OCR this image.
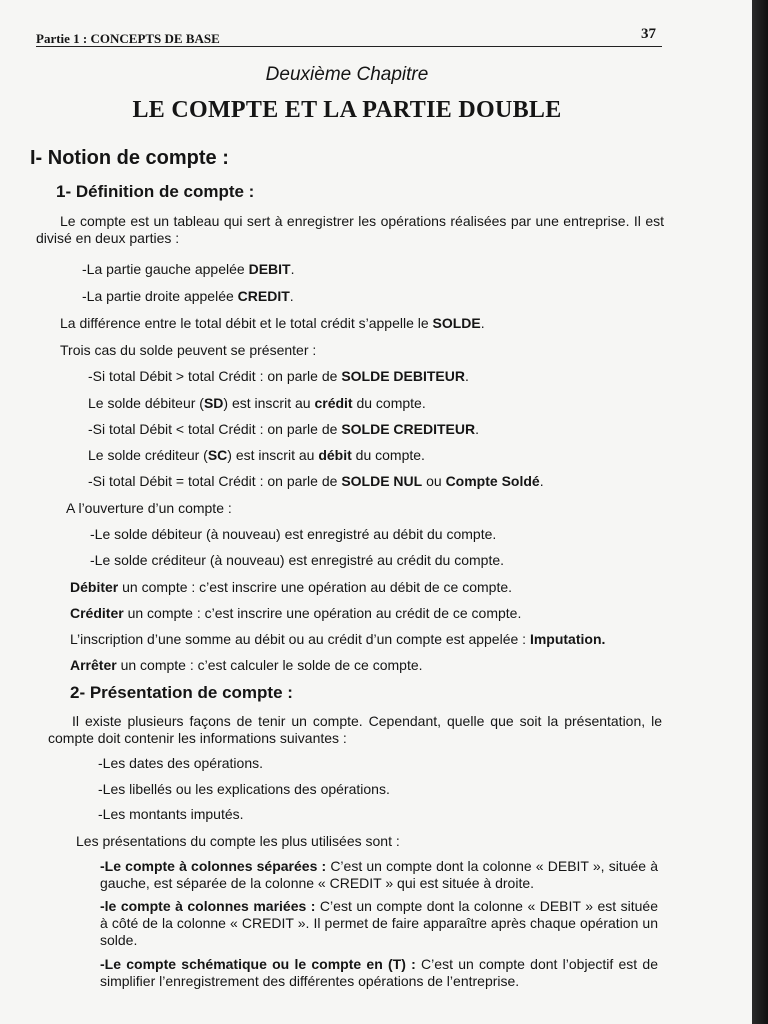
Partie 1 : CONCEPTS DE BASE	37
Deuxième Chapitre
LE COMPTE ET LA PARTIE DOUBLE
I- Notion de compte :
1- Définition de compte :
Le compte est un tableau qui sert à enregistrer les opérations réalisées par une entreprise. Il est divisé en deux parties :
-La partie gauche appelée DEBIT.
-La partie droite appelée CREDIT.
La différence entre le total débit et le total crédit s’appelle le SOLDE.
Trois cas du solde peuvent se présenter :
-Si total Débit > total Crédit : on parle de SOLDE DEBITEUR.
Le solde débiteur (SD) est inscrit au crédit du compte.
-Si total Débit < total Crédit : on parle de SOLDE CREDITEUR.
Le solde créditeur (SC) est inscrit au débit du compte.
-Si total Débit = total Crédit : on parle de SOLDE NUL ou Compte Soldé.
A l’ouverture d’un compte :
-Le solde débiteur (à nouveau) est enregistré au débit du compte.
-Le solde créditeur (à nouveau) est enregistré au crédit du compte.
Débiter un compte : c’est inscrire une opération au débit de ce compte.
Créditer un compte : c’est inscrire une opération au crédit de ce compte.
L’inscription d’une somme au débit ou au crédit d’un compte est appelée : Imputation.
Arrêter un compte : c’est calculer le solde de ce compte.
2- Présentation de compte :
Il existe plusieurs façons de tenir un compte. Cependant, quelle que soit la présentation, le compte doit contenir les informations suivantes :
-Les dates des opérations.
-Les libellés ou les explications des opérations.
-Les montants imputés.
Les présentations du compte les plus utilisées sont :
-Le compte à colonnes séparées : C’est un compte dont la colonne « DEBIT », située à gauche, est séparée de la colonne « CREDIT » qui est située à droite.
-le compte à colonnes mariées : C’est un compte dont la colonne « DEBIT » est située à côté de la colonne « CREDIT ». Il permet de faire apparaître après chaque opération un solde.
-Le compte schématique ou le compte en (T) : C’est un compte dont l’objectif est de simplifier l’enregistrement des différentes opérations de l’entreprise.
